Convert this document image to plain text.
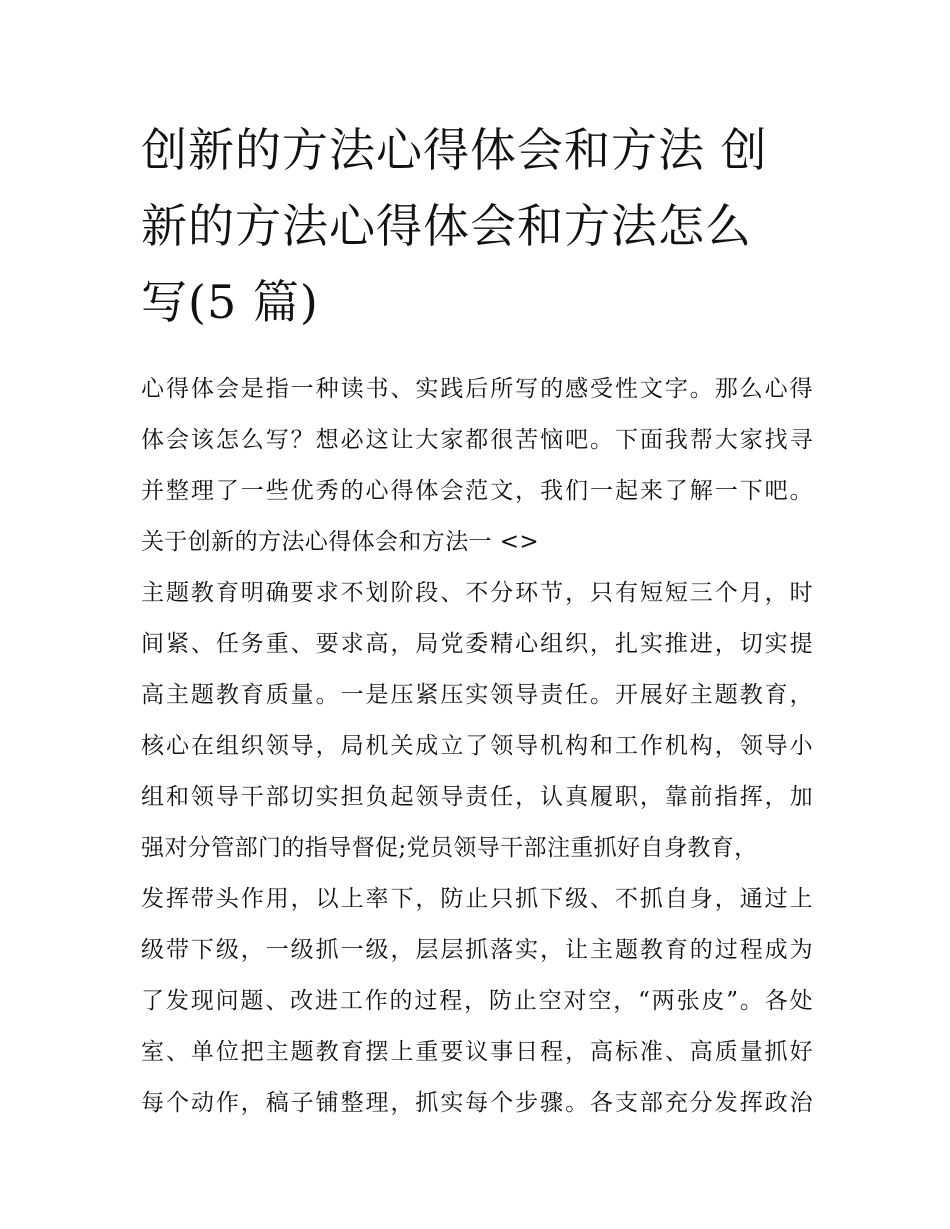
创新的方法心得体会和方法 创
新的方法心得体会和方法怎么
写(5 篇)
心得体会是指一种读书、实践后所写的感受性文字。那么心得
体会该怎么写？想必这让大家都很苦恼吧。下面我帮大家找寻
并整理了一些优秀的心得体会范文，我们一起来了解一下吧。
关于创新的方法心得体会和方法一 <>
主题教育明确要求不划阶段、不分环节，只有短短三个月，时
间紧、任务重、要求高，局党委精心组织，扎实推进，切实提
高主题教育质量。一是压紧压实领导责任。开展好主题教育，
核心在组织领导，局机关成立了领导机构和工作机构，领导小
组和领导干部切实担负起领导责任，认真履职，靠前指挥，加
强对分管部门的指导督促;党员领导干部注重抓好自身教育，
发挥带头作用，以上率下，防止只抓下级、不抓自身，通过上
级带下级，一级抓一级，层层抓落实，让主题教育的过程成为
了发现问题、改进工作的过程，防止空对空，“两张皮”。各处
室、单位把主题教育摆上重要议事日程，高标准、高质量抓好
每个动作，稿子铺整理，抓实每个步骤。各支部充分发挥政治
